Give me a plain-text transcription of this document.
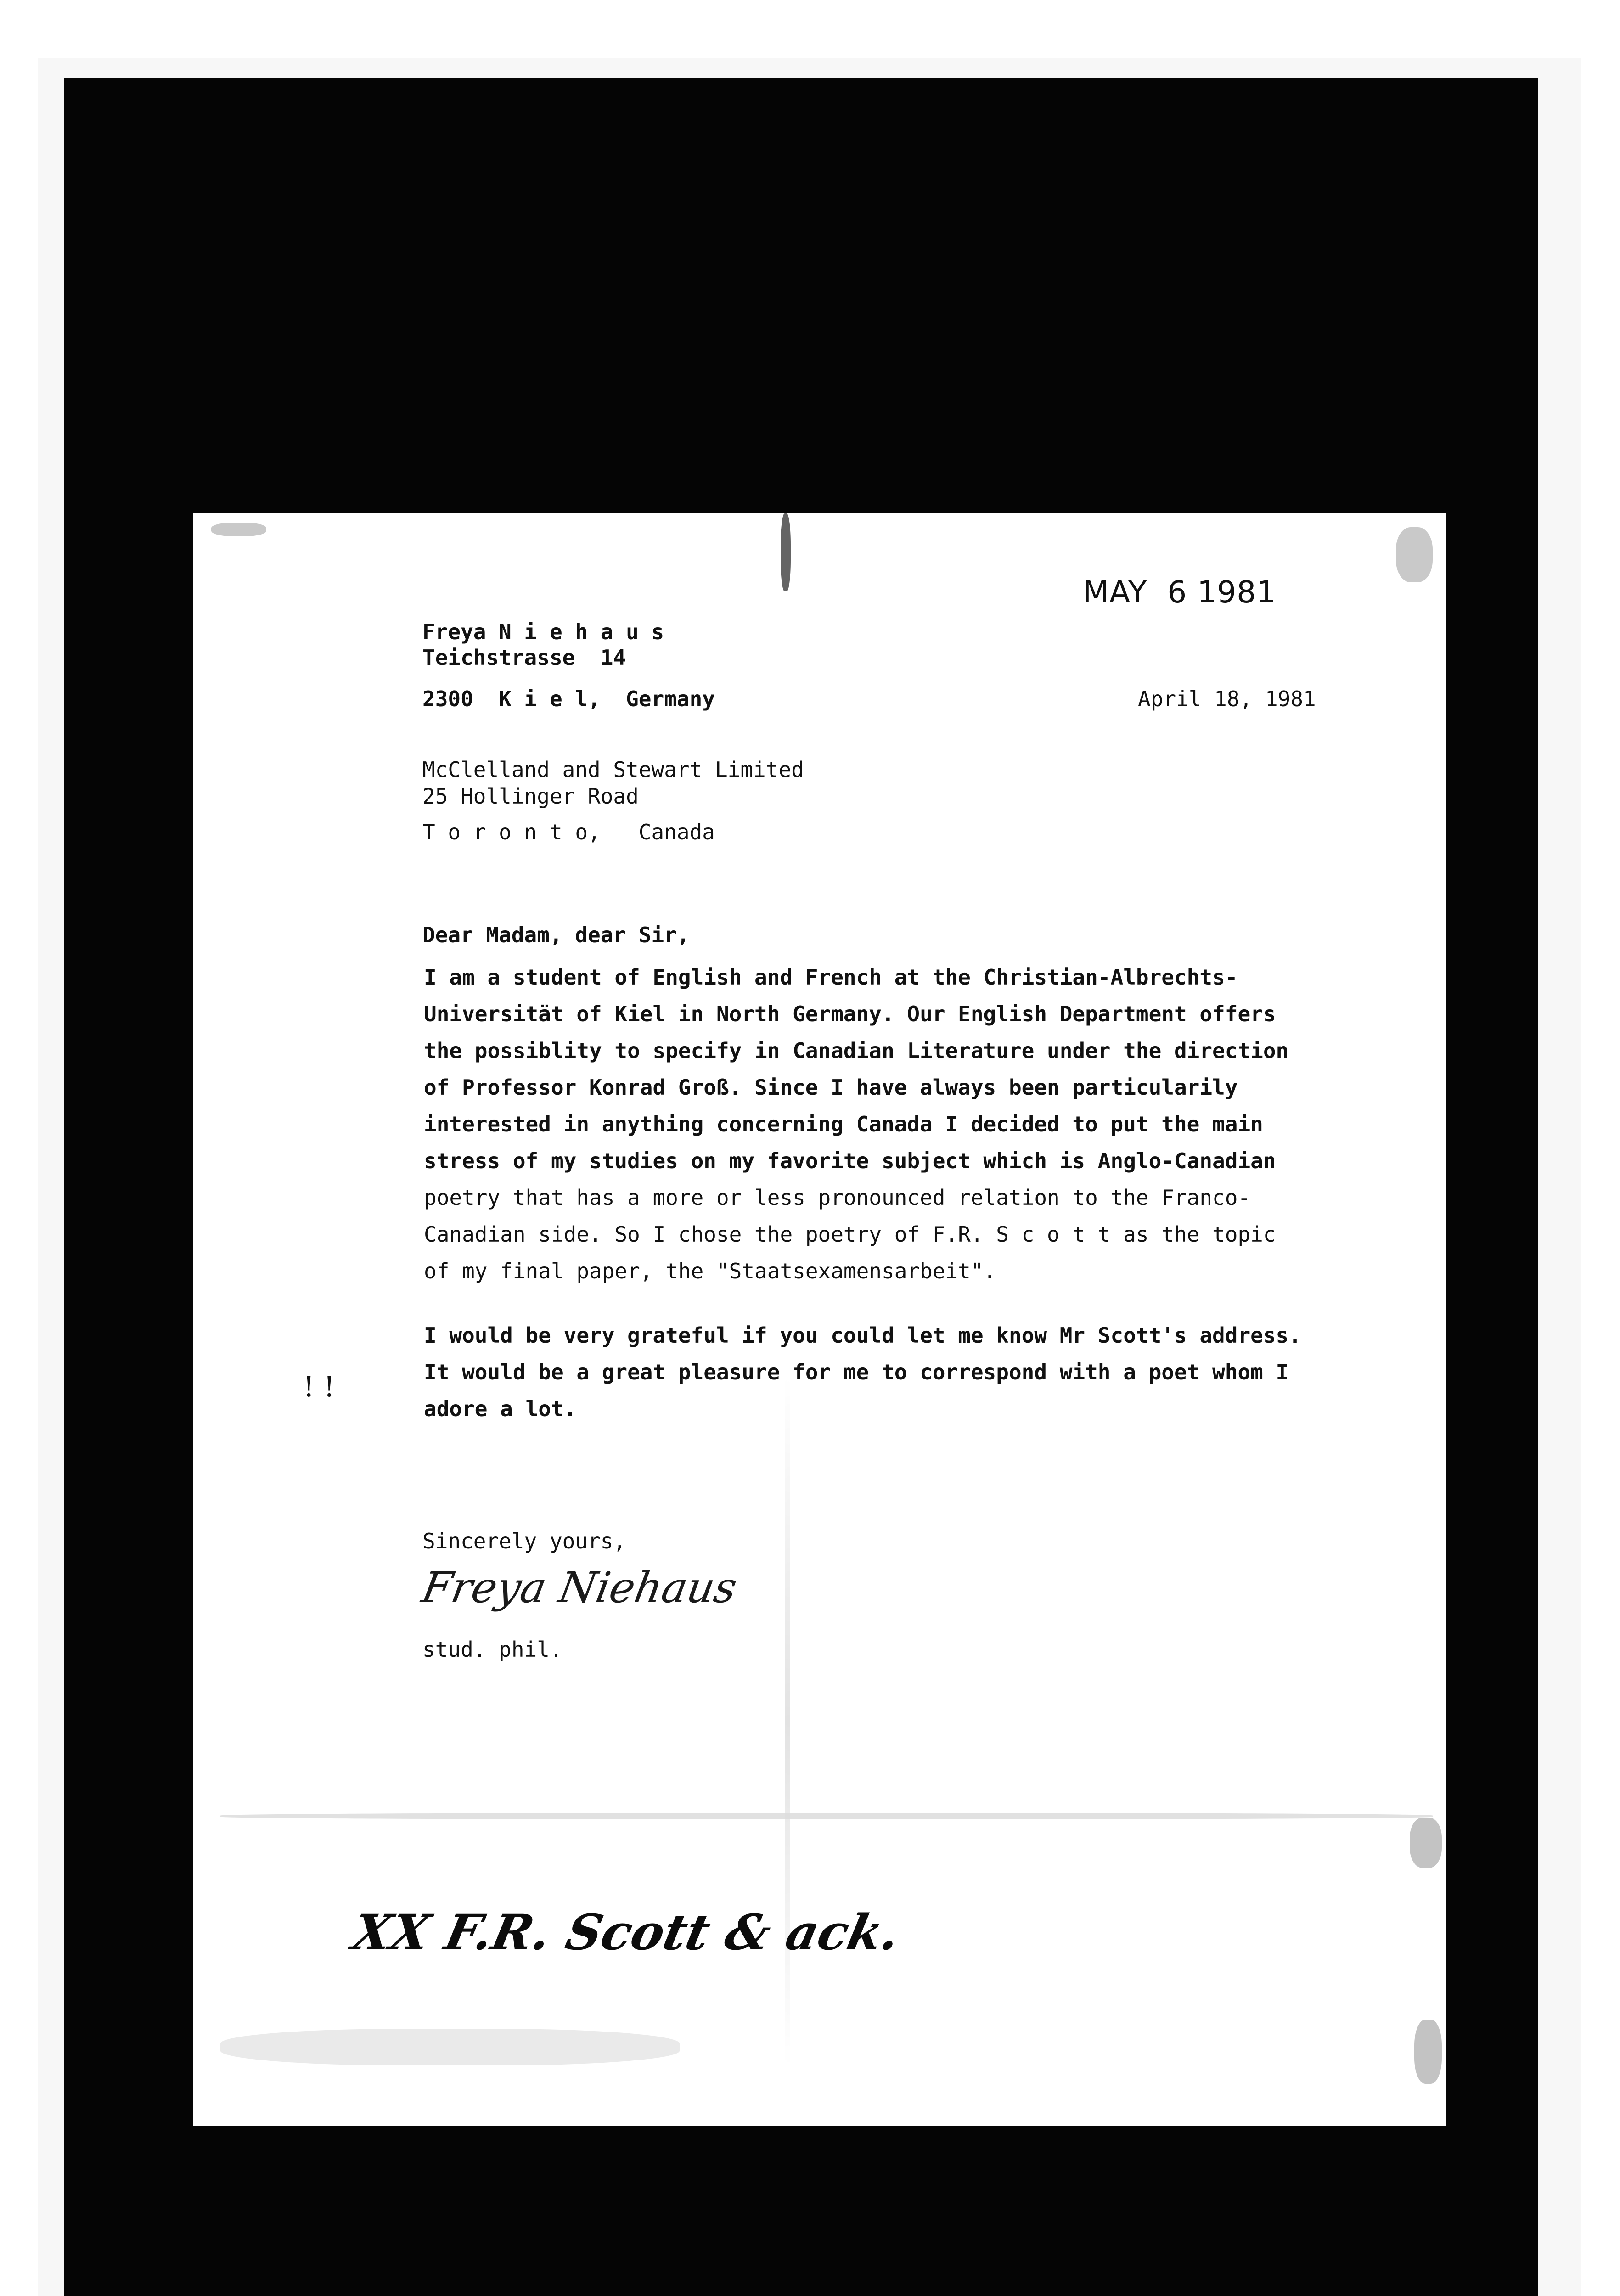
MAY  6 1981
Freya N i e h a u s
Teichstrasse  14
2300  K i e l,  Germany	April 18, 1981
McClelland and Stewart Limited
25 Hollinger Road
T o r o n t o,   Canada
Dear Madam, dear Sir,
I am a student of English and French at the Christian-Albrechts-
Universität of Kiel in North Germany. Our English Department offers
the possiblity to specify in Canadian Literature under the direction
of Professor Konrad Groß. Since I have always been particularily
interested in anything concerning Canada I decided to put the main
stress of my studies on my favorite subject which is Anglo-Canadian
poetry that has a more or less pronounced relation to the Franco-
Canadian side. So I chose the poetry of F.R. S c o t t as the topic
of my final paper, the "Staatsexamensarbeit".
I would be very grateful if you could let me know Mr Scott's address.
It would be a great pleasure for me to correspond with a poet whom I
adore a lot.
! !
Sincerely yours,
Freya Niehaus
stud. phil.
XX F.R. Scott & ack.
